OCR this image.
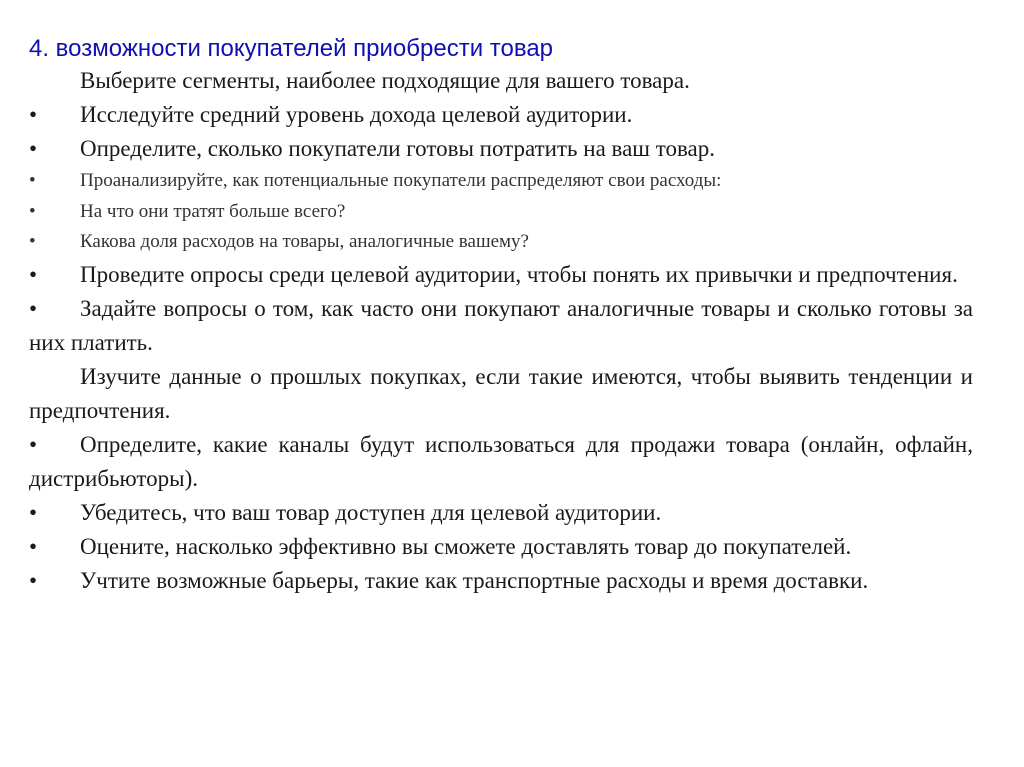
4. возможности покупателей приобрести товар
Выберите сегменты, наиболее подходящие для вашего товара.
•	Исследуйте средний уровень дохода целевой аудитории.
•	Определите, сколько покупатели готовы потратить на ваш товар.
•	Проанализируйте, как потенциальные покупатели распределяют свои расходы:
•	На что они тратят больше всего?
•	Какова доля расходов на товары, аналогичные вашему?
•	Проведите опросы среди целевой аудитории, чтобы понять их привычки и предпочтения.
•	Задайте вопросы о том, как часто они покупают аналогичные товары и сколько готовы за них платить.
Изучите данные о прошлых покупках, если такие имеются, чтобы выявить тенденции и предпочтения.
•	Определите, какие каналы будут использоваться для продажи товара (онлайн, офлайн, дистрибьюторы).
•	Убедитесь, что ваш товар доступен для целевой аудитории.
•	Оцените, насколько эффективно вы сможете доставлять товар до покупателей.
•	Учтите возможные барьеры, такие как транспортные расходы и время доставки.
